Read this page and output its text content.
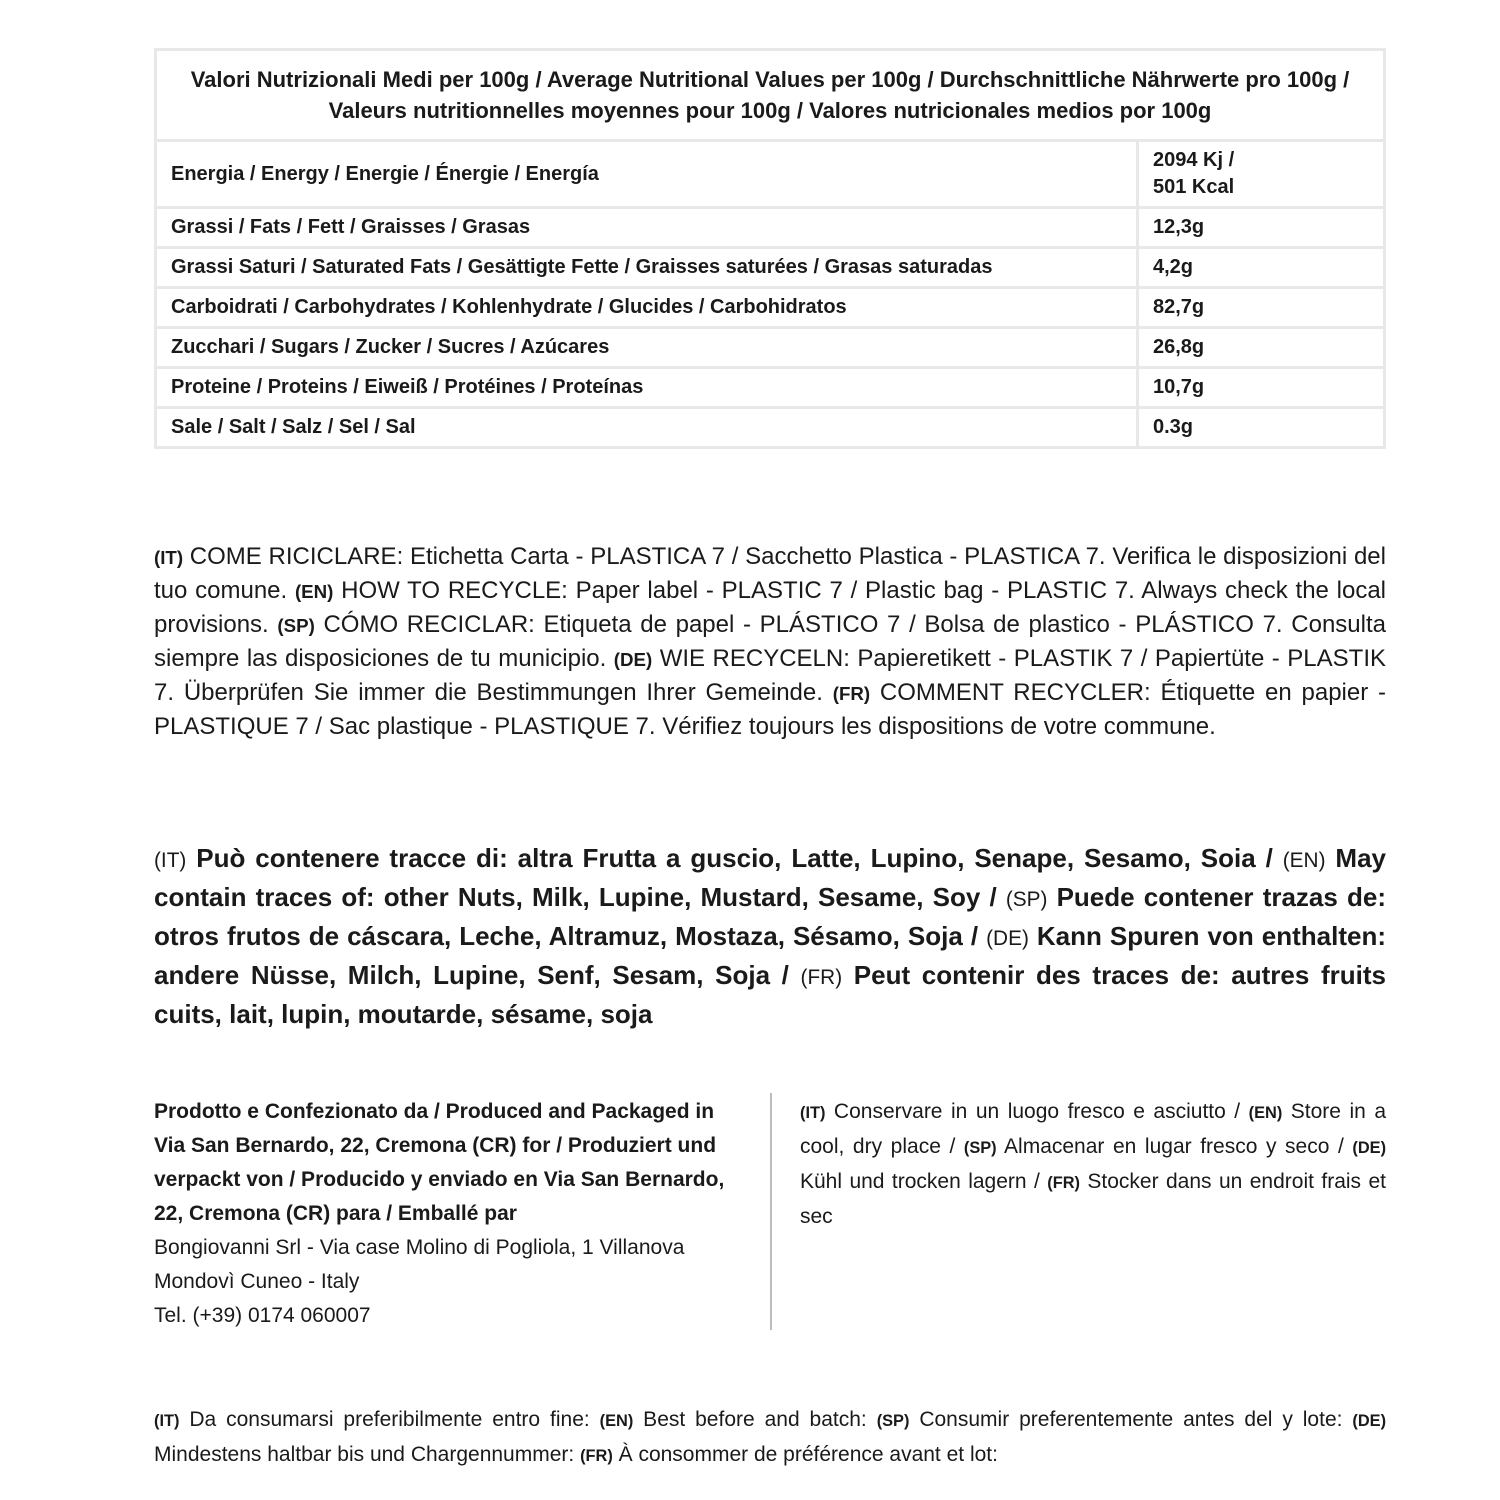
Valori Nutrizionali Medi per 100g / Average Nutritional Values per 100g / Durchschnittliche Nährwerte pro 100g / Valeurs nutritionnelles moyennes pour 100g / Valores nutricionales medios por 100g	
Energia / Energy / Energie / Énergie / Energía	2094 Kj /
501 Kcal
Grassi / Fats / Fett / Graisses / Grasas	12,3g
Grassi Saturi / Saturated Fats / Gesättigte Fette / Graisses saturées / Grasas saturadas	4,2g
Carboidrati / Carbohydrates / Kohlenhydrate / Glucides / Carbohidratos	82,7g
Zucchari / Sugars / Zucker / Sucres / Azúcares	26,8g
Proteine / Proteins / Eiweiß / Protéines / Proteínas	10,7g
Sale / Salt / Salz / Sel / Sal	0.3g

(IT) COME RICICLARE: Etichetta Carta - PLASTICA 7 / Sacchetto Plastica - PLASTICA 7. Verifica le disposizioni del tuo comune. (EN) HOW TO RECYCLE: Paper label - PLASTIC 7 / Plastic bag - PLASTIC 7. Always check the local provisions. (SP) CÓMO RECICLAR: Etiqueta de papel - PLÁSTICO 7 / Bolsa de plastico - PLÁSTICO 7. Consulta siempre las disposiciones de tu municipio. (DE) WIE RECYCELN: Papieretikett - PLASTIK 7 / Papiertüte - PLASTIK 7. Überprüfen Sie immer die Bestimmungen Ihrer Gemeinde. (FR) COMMENT RECYCLER: Étiquette en papier - PLASTIQUE 7 / Sac plastique - PLASTIQUE 7. Vérifiez toujours les dispositions de votre commune.

(IT) Può contenere tracce di: altra Frutta a guscio, Latte, Lupino, Senape, Sesamo, Soia / (EN) May contain traces of: other Nuts, Milk, Lupine, Mustard, Sesame, Soy / (SP) Puede contener trazas de: otros frutos de cáscara, Leche, Altramuz, Mostaza, Sésamo, Soja / (DE) Kann Spuren von enthalten: andere Nüsse, Milch, Lupine, Senf, Sesam, Soja / (FR) Peut contenir des traces de: autres fruits cuits, lait, lupin, moutarde, sésame, soja

Prodotto e Confezionato da / Produced and Packaged in Via San Bernardo, 22, Cremona (CR) for / Produziert und verpackt von / Producido y enviado en Via San Bernardo, 22, Cremona (CR) para / Emballé par
Bongiovanni Srl - Via case Molino di Pogliola, 1 Villanova
Mondovì Cuneo - Italy
Tel. (+39) 0174 060007

(IT) Conservare in un luogo fresco e asciutto / (EN) Store in a cool, dry place / (SP) Almacenar en lugar fresco y seco / (DE) Kühl und trocken lagern / (FR) Stocker dans un endroit frais et sec

(IT) Da consumarsi preferibilmente entro fine: (EN) Best before and batch: (SP) Consumir preferentemente antes del y lote: (DE) Mindestens haltbar bis und Chargennummer: (FR) À consommer de préférence avant et lot:
